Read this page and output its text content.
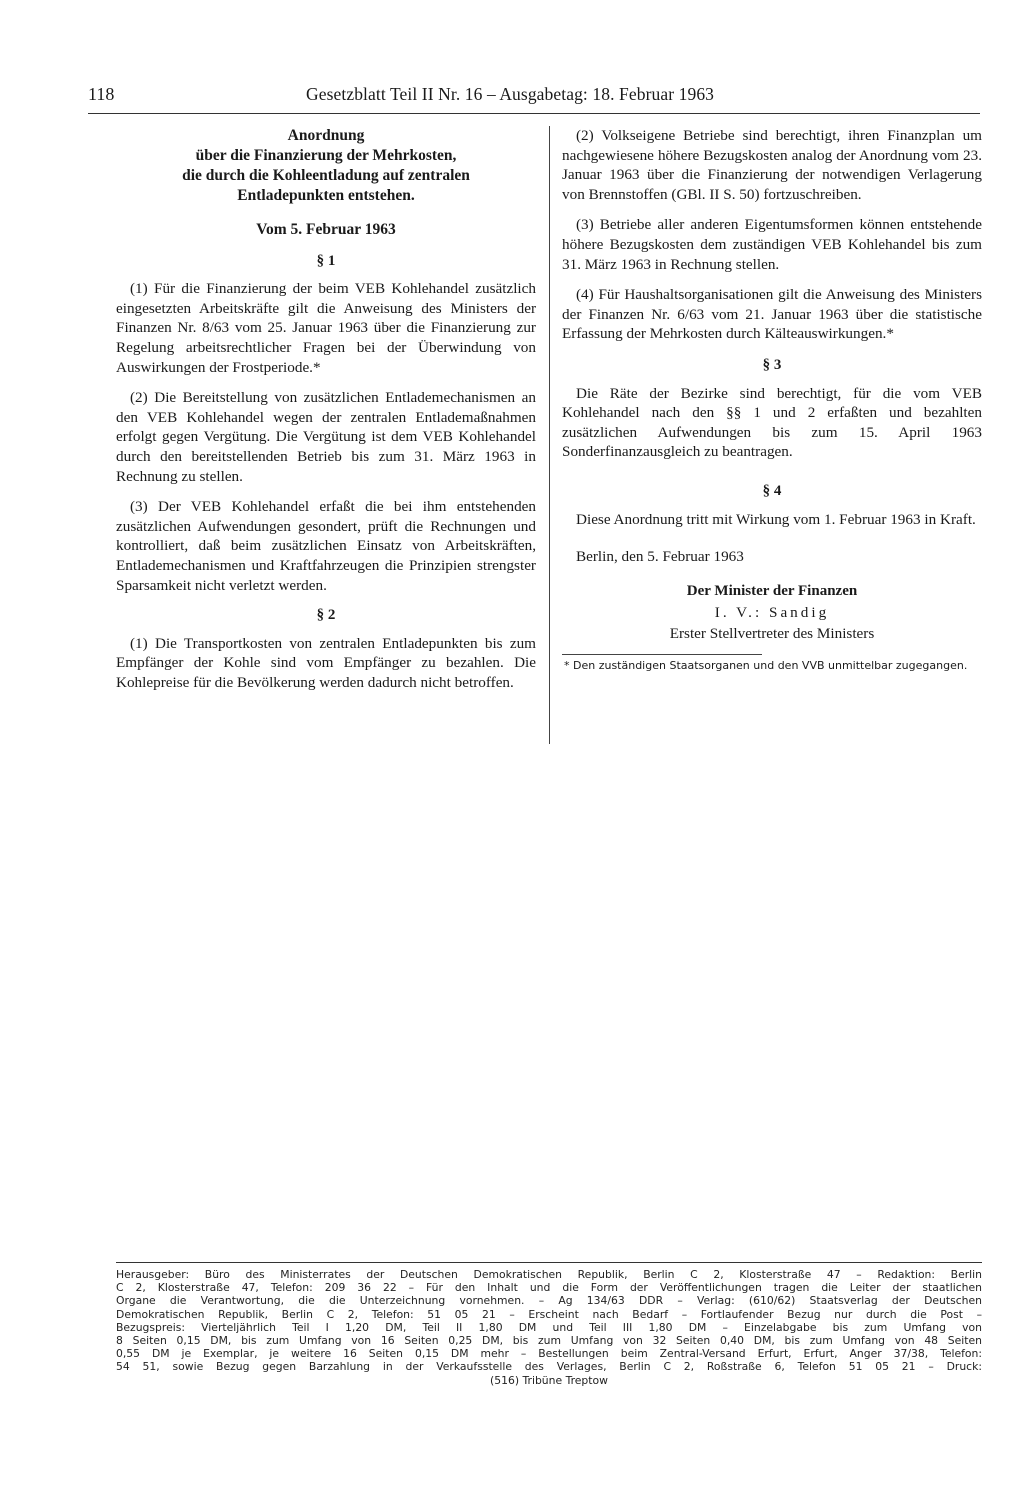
118	Gesetzblatt Teil II Nr. 16 – Ausgabetag: 18. Februar 1963
Anordnung
über die Finanzierung der Mehrkosten,
die durch die Kohleentladung auf zentralen
Entladepunkten entstehen.
Vom 5. Februar 1963
§ 1

(1) Für die Finanzierung der beim VEB Kohlehandel zusätzlich eingesetzten Arbeitskräfte gilt die Anweisung des Ministers der Finanzen Nr. 8/63 vom 25. Januar 1963 über die Finanzierung zur Regelung arbeitsrechtlicher Fragen bei der Überwindung von Auswirkungen der Frostperiode.*

(2) Die Bereitstellung von zusätzlichen Entlademechanismen an den VEB Kohlehandel wegen der zentralen Entlademaßnahmen erfolgt gegen Vergütung. Die Vergütung ist dem VEB Kohlehandel durch den bereitstellenden Betrieb bis zum 31. März 1963 in Rechnung zu stellen.

(3) Der VEB Kohlehandel erfaßt die bei ihm entstehenden zusätzlichen Aufwendungen gesondert, prüft die Rechnungen und kontrolliert, daß beim zusätzlichen Einsatz von Arbeitskräften, Entlademechanismen und Kraftfahrzeugen die Prinzipien strengster Sparsamkeit nicht verletzt werden.

§ 2

(1) Die Transportkosten von zentralen Entladepunkten bis zum Empfänger der Kohle sind vom Empfänger zu bezahlen. Die Kohlepreise für die Bevölkerung werden dadurch nicht betroffen.

(2) Volkseigene Betriebe sind berechtigt, ihren Finanzplan um nachgewiesene höhere Bezugskosten analog der Anordnung vom 23. Januar 1963 über die Finanzierung der notwendigen Verlagerung von Brennstoffen (GBl. II S. 50) fortzuschreiben.

(3) Betriebe aller anderen Eigentumsformen können entstehende höhere Bezugskosten dem zuständigen VEB Kohlehandel bis zum 31. März 1963 in Rechnung stellen.

(4) Für Haushaltsorganisationen gilt die Anweisung des Ministers der Finanzen Nr. 6/63 vom 21. Januar 1963 über die statistische Erfassung der Mehrkosten durch Kälteauswirkungen.*

§ 3

Die Räte der Bezirke sind berechtigt, für die vom VEB Kohlehandel nach den §§ 1 und 2 erfaßten und bezahlten zusätzlichen Aufwendungen bis zum 15. April 1963 Sonderfinanzausgleich zu beantragen.

§ 4

Diese Anordnung tritt mit Wirkung vom 1. Februar 1963 in Kraft.

Berlin, den 5. Februar 1963

Der Minister der Finanzen
I. V.: Sandig
Erster Stellvertreter des Ministers
* Den zuständigen Staatsorganen und den VVB unmittelbar zugegangen.
Herausgeber: Büro des Ministerrates der Deutschen Demokratischen Republik, Berlin C 2, Klosterstraße 47 – Redaktion: Berlin
C 2, Klosterstraße 47, Telefon: 209 36 22 – Für den Inhalt und die Form der Veröffentlichungen tragen die Leiter der staatlichen
Organe die Verantwortung, die die Unterzeichnung vornehmen. – Ag 134/63 DDR – Verlag: (610/62) Staatsverlag der Deutschen
Demokratischen Republik, Berlin C 2, Telefon: 51 05 21 – Erscheint nach Bedarf – Fortlaufender Bezug nur durch die Post –
Bezugspreis: Vierteljährlich Teil I 1,20 DM, Teil II 1,80 DM und Teil III 1,80 DM – Einzelabgabe bis zum Umfang von
8 Seiten 0,15 DM, bis zum Umfang von 16 Seiten 0,25 DM, bis zum Umfang von 32 Seiten 0,40 DM, bis zum Umfang von 48 Seiten
0,55 DM je Exemplar, je weitere 16 Seiten 0,15 DM mehr – Bestellungen beim Zentral-Versand Erfurt, Erfurt, Anger 37/38, Telefon:
54 51, sowie Bezug gegen Barzahlung in der Verkaufsstelle des Verlages, Berlin C 2, Roßstraße 6, Telefon 51 05 21 – Druck:
(516) Tribüne Treptow
